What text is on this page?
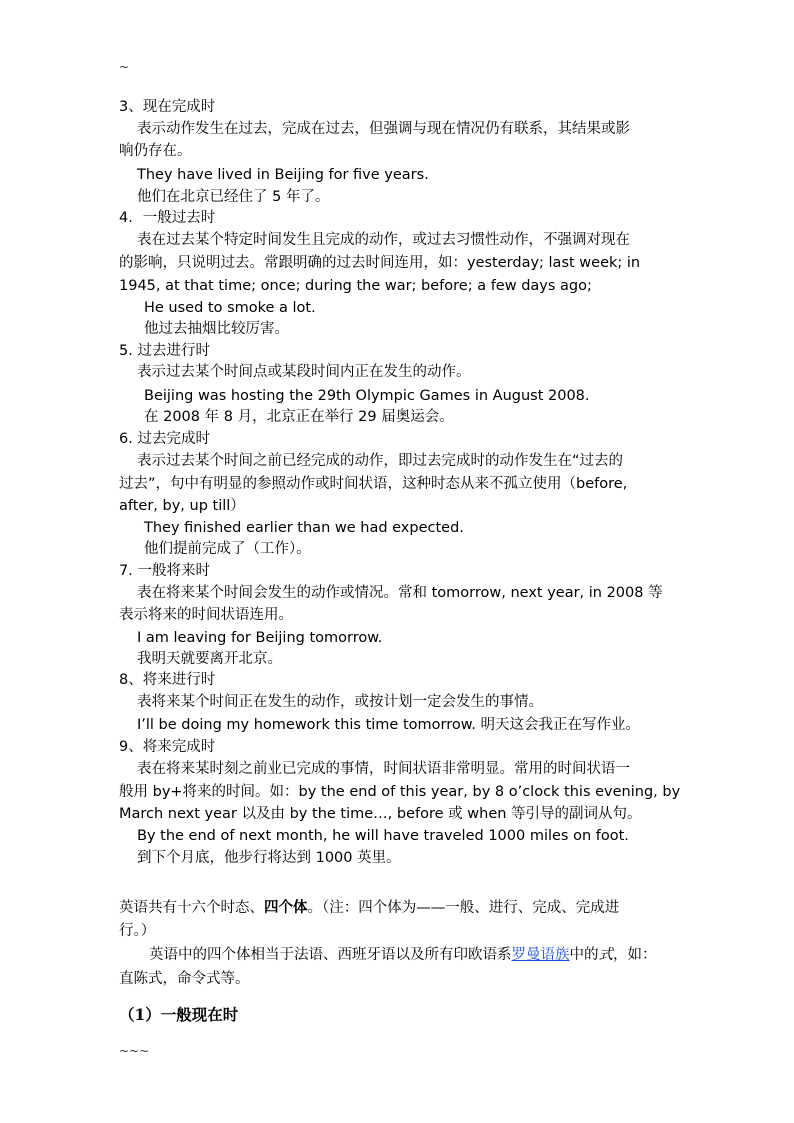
~
3、现在完成时
表示动作发生在过去，完成在过去，但强调与现在情况仍有联系，其结果或影
响仍存在。
They have lived in Beijing for five years.
他们在北京已经住了 5 年了。
4．一般过去时
表在过去某个特定时间发生且完成的动作，或过去习惯性动作，不强调对现在
的影响，只说明过去。常跟明确的过去时间连用，如：yesterday; last week; in
1945, at that time; once; during the war; before; a few days ago;
He used to smoke a lot.
他过去抽烟比较厉害。
5. 过去进行时
表示过去某个时间点或某段时间内正在发生的动作。
Beijing was hosting the 29th Olympic Games in August 2008.
在 2008 年 8 月，北京正在举行 29 届奥运会。
6. 过去完成时
表示过去某个时间之前已经完成的动作，即过去完成时的动作发生在“过去的
过去”，句中有明显的参照动作或时间状语，这种时态从来不孤立使用（before,
after, by, up till）
They finished earlier than we had expected.
他们提前完成了（工作）。
7. 一般将来时
表在将来某个时间会发生的动作或情况。常和 tomorrow, next year, in 2008 等
表示将来的时间状语连用。
I am leaving for Beijing tomorrow.
我明天就要离开北京。
8、将来进行时
表将来某个时间正在发生的动作，或按计划一定会发生的事情。
I’ll be doing my homework this time tomorrow. 明天这会我正在写作业。
9、将来完成时
表在将来某时刻之前业已完成的事情，时间状语非常明显。常用的时间状语一
般用 by+将来的时间。如：by the end of this year, by 8 o’clock this evening, by
March next year 以及由 by the time…, before 或 when 等引导的副词从句。
By the end of next month, he will have traveled 1000 miles on foot.
到下个月底，他步行将达到 1000 英里。
英语共有十六个时态、四个体。（注：四个体为——一般、进行、完成、完成进
行。）
英语中的四个体相当于法语、西班牙语以及所有印欧语系罗曼语族中的式，如：
直陈式，命令式等。
（1）一般现在时
~~~
